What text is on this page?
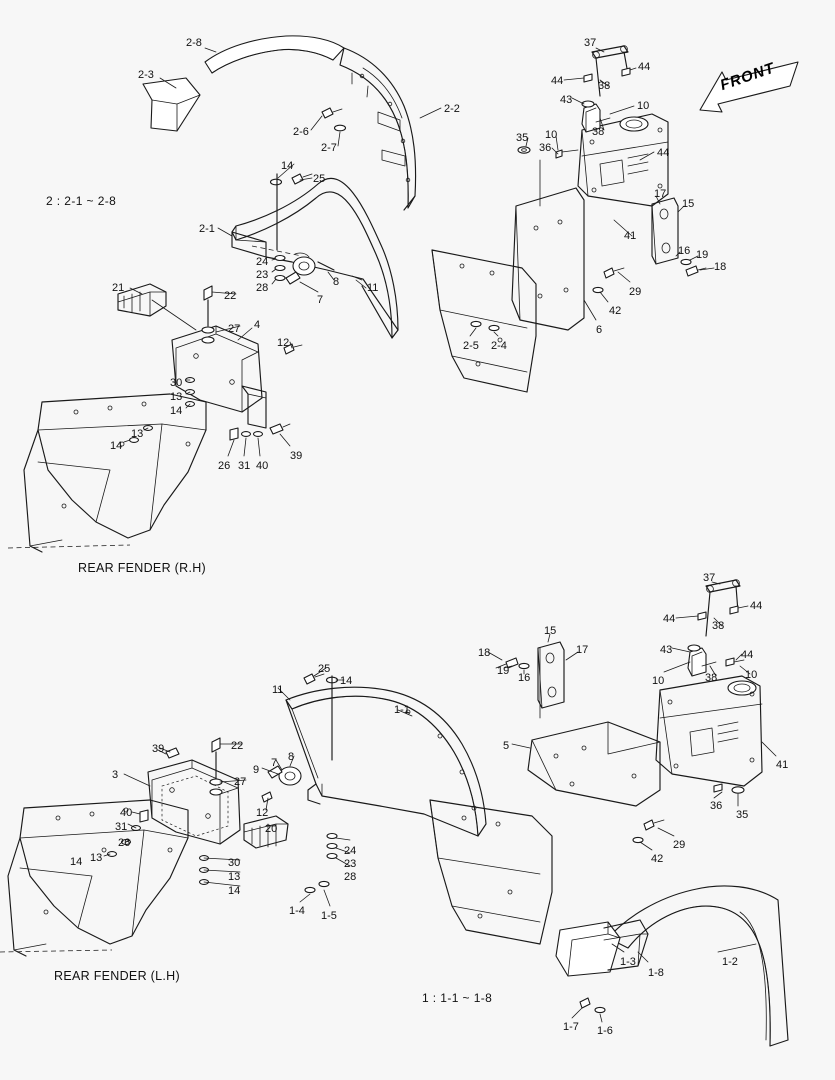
FRONT
2 : 2-1 ~ 2-8
1 : 1-1 ~ 1-8
REAR FENDER (R.H)
REAR FENDER (L.H)
2-8
2-3
2-2
2-6
2-7
14
25
2-1
24
23
28	8	11
7
21
22
27 4
12
30
13
14
13
14
26 31 40
39
2-5 2-4
37
44	38
44
43	10
38
35 10
36	44
17
15
41
16 19
18
29
42
6
37
44
38
44
43	44
10	38	10
18
15
17
19
16
25
14
11
1-1
5
41
36
35
29
42
39	22
3
7 8
9
27
40	12
31
26
20
13
14	30
13
14
24
23
28
1-4 1-5
1-8
1-2
1-3
1-7 1-6
